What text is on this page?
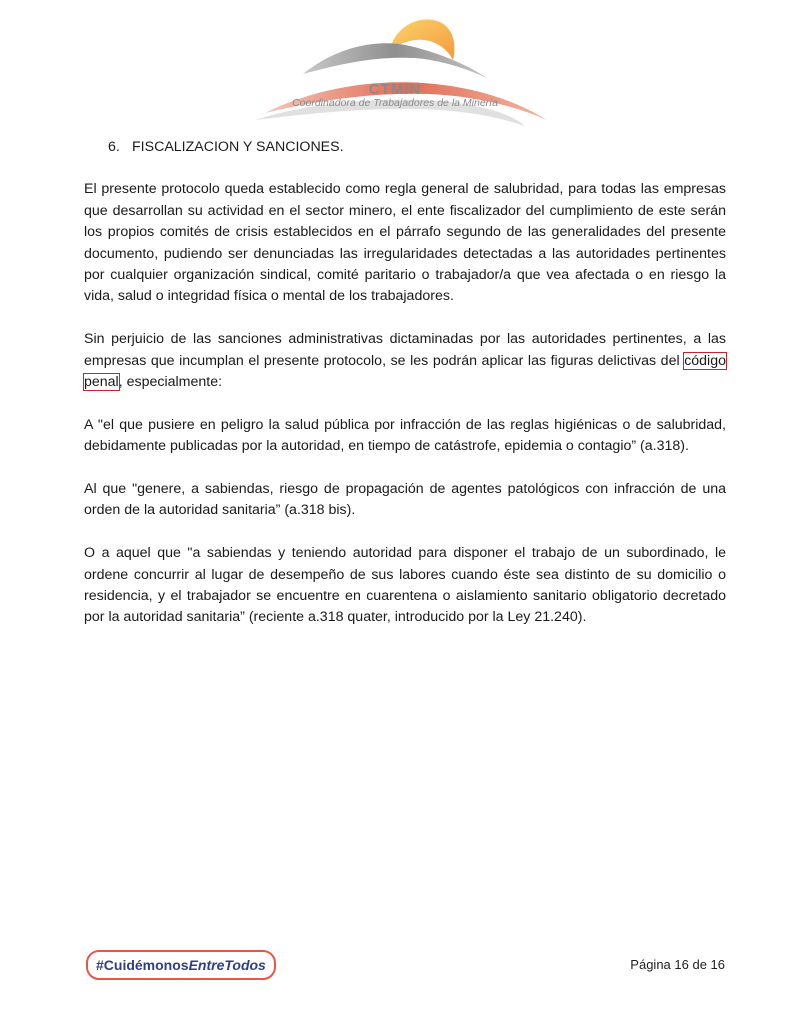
CTMIN
Coordinadora de Trabajadores de la Minería
6. FISCALIZACION Y SANCIONES.

El presente protocolo queda establecido como regla general de salubridad, para todas las empresas que desarrollan su actividad en el sector minero, el ente fiscalizador del cumplimiento de este serán los propios comités de crisis establecidos en el párrafo segundo de las generalidades del presente documento, pudiendo ser denunciadas las irregularidades detectadas a las autoridades pertinentes por cualquier organización sindical, comité paritario o trabajador/a que vea afectada o en riesgo la vida, salud o integridad física o mental de los trabajadores.

Sin perjuicio de las sanciones administrativas dictaminadas por las autoridades pertinentes, a las empresas que incumplan el presente protocolo, se les podrán aplicar las figuras delictivas del código penal, especialmente:

A "el que pusiere en peligro la salud pública por infracción de las reglas higiénicas o de salubridad, debidamente publicadas por la autoridad, en tiempo de catástrofe, epidemia o contagio” (a.318).

Al que "genere, a sabiendas, riesgo de propagación de agentes patológicos con infracción de una orden de la autoridad sanitaria” (a.318 bis).

O a aquel que "a sabiendas y teniendo autoridad para disponer el trabajo de un subordinado, le ordene concurrir al lugar de desempeño de sus labores cuando éste sea distinto de su domicilio o residencia, y el trabajador se encuentre en cuarentena o aislamiento sanitario obligatorio decretado por la autoridad sanitaria” (reciente a.318 quater, introducido por la Ley 21.240).

#Cuidémonos EntreTodos	Página 16 de 16
